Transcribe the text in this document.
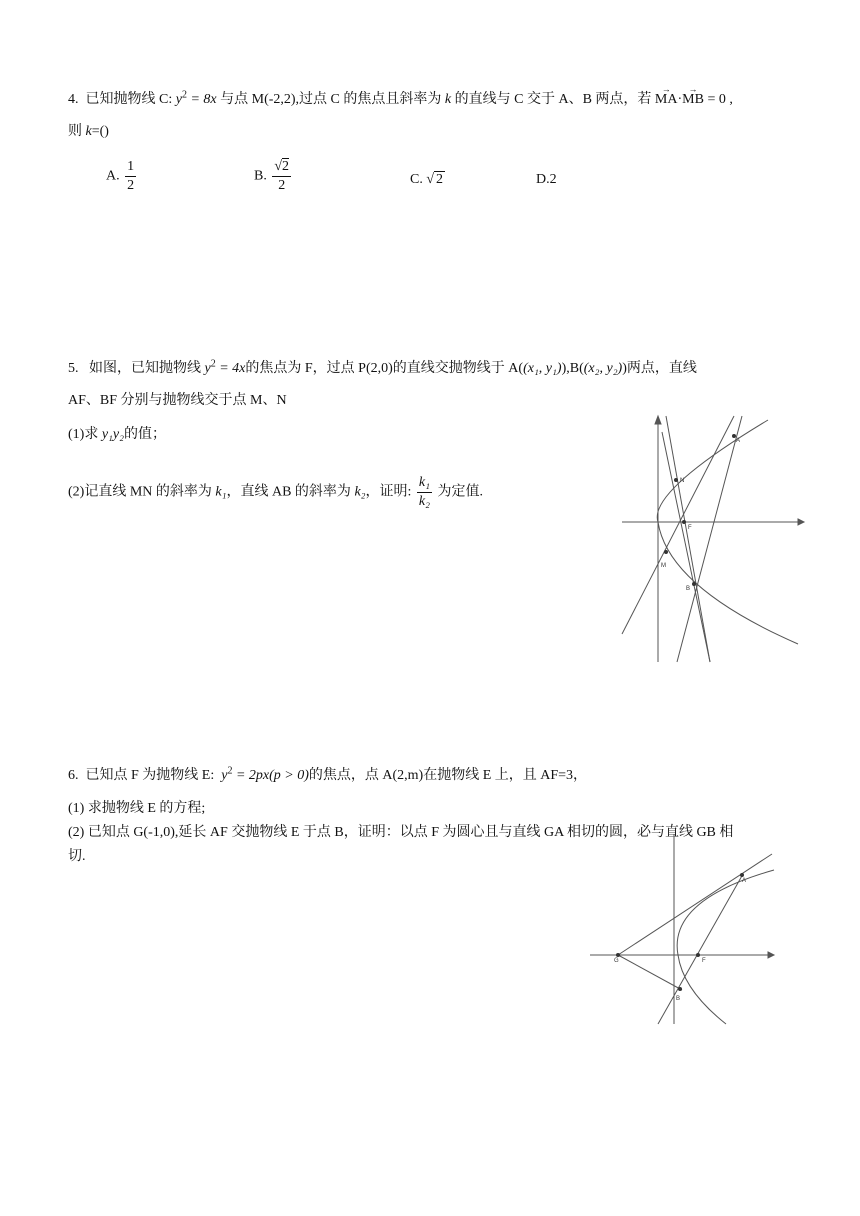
4. 已知抛物线 C: $y^2 = 8x$ 与点 M(-2,2),过点 C 的焦点且斜率为 k 的直线与 C 交于 A、B 两点，若 → MA·→ MB = 0 ,
则 k=()
A. $\frac{1}{2}$	B. $\frac{√2}{2}$	C. √ 2	D.2
5. 如图，已知抛物线 $y^2 = 4x$的焦点为 F，过点 P(2,0)的直线交抛物线于 A((x₁, y₁)),B((x₂, y₂))两点，直线
AF、BF 分别与抛物线交于点 M、N
(1)求 y₁y₂的值；
(2)记直线 MN 的斜率为 k₁，直线 AB 的斜率为 k₂，证明: $\frac{\text{k₁}}{\text{k₂}}$ 为定值.
A
N
F
M
B
6. 已知点 F 为抛物线 E: $y^2 = 2px(p > 0)$的焦点，点 A(2,m)在抛物线 E 上，且 AF=3，
(1) 求抛物线 E 的方程;
(2) 已知点 G(-1,0),延长 AF 交抛物线 E 于点 B，证明：以点 F 为圆心且与直线 GA 相切的圆，必与直线 GB 相
切.
A
G	F
B
